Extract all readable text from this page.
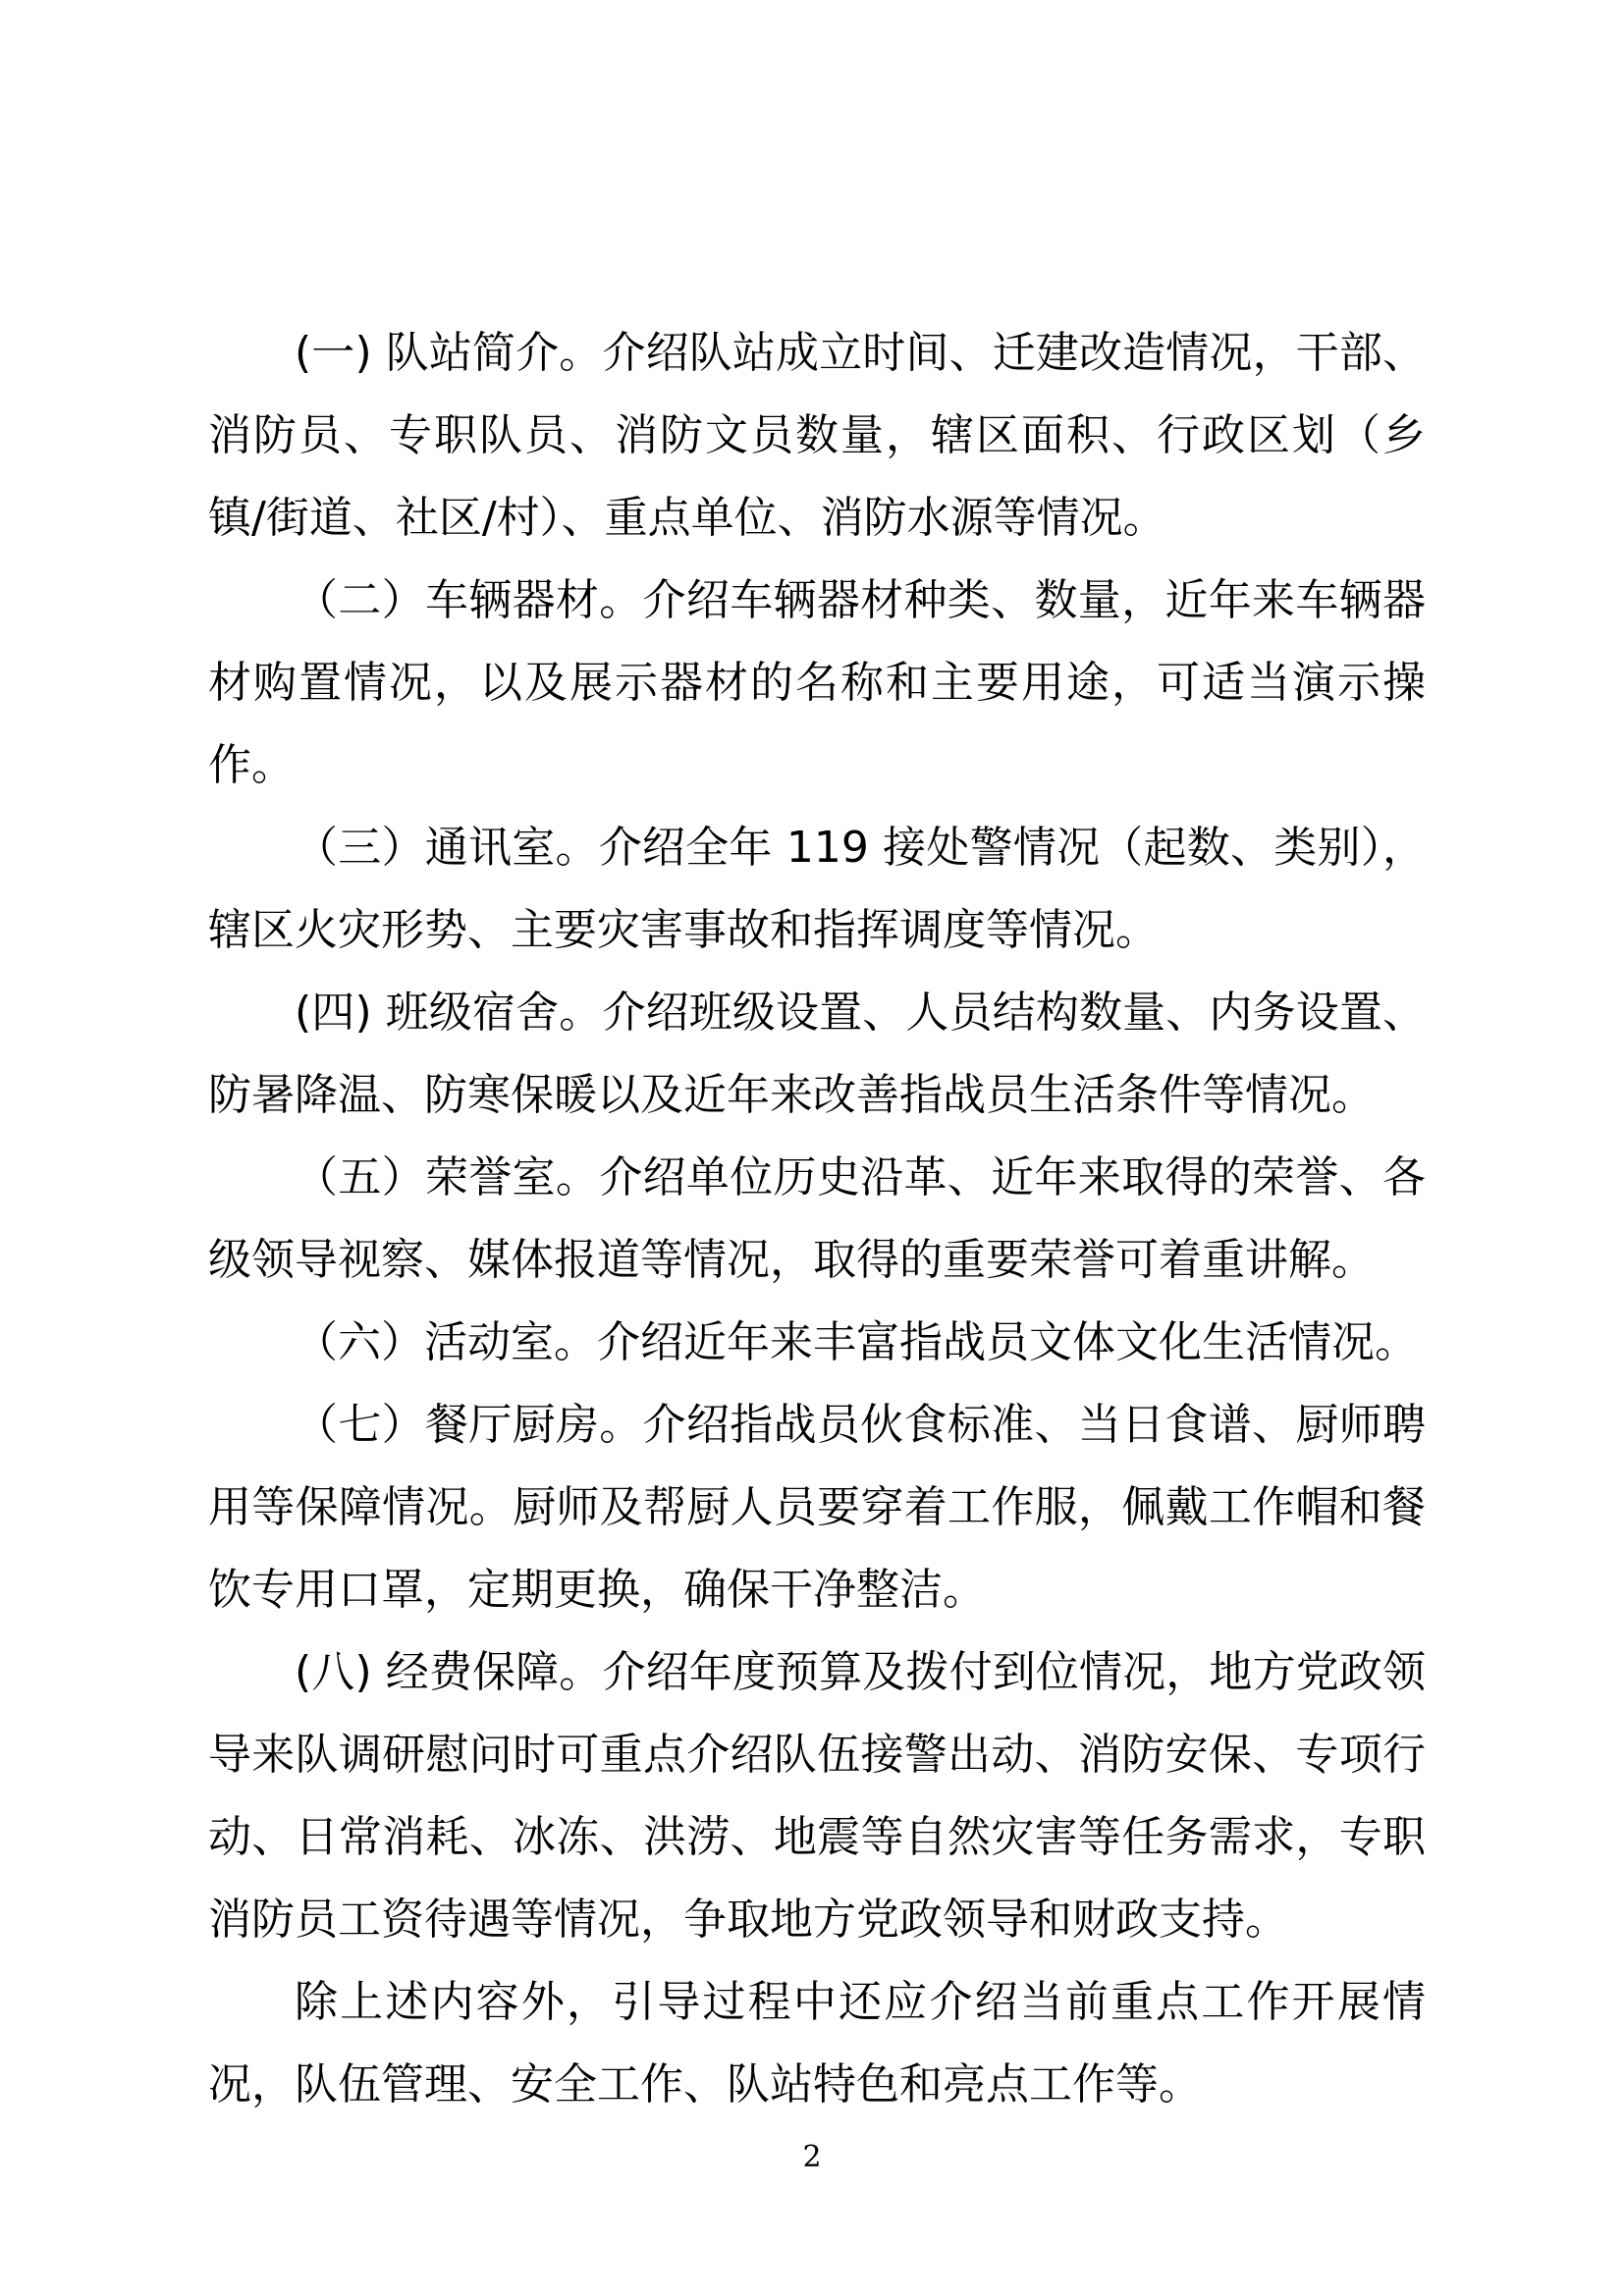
(一) 队站简介。介绍队站成立时间、迁建改造情况，干部、消防员、专职队员、消防文员数量，辖区面积、行政区划（乡镇/街道、社区/村）、重点单位、消防水源等情况。

（二）车辆器材。介绍车辆器材种类、数量，近年来车辆器材购置情况，以及展示器材的名称和主要用途，可适当演示操作。

（三）通讯室。介绍全年 119 接处警情况（起数、类别），辖区火灾形势、主要灾害事故和指挥调度等情况。

(四) 班级宿舍。介绍班级设置、人员结构数量、内务设置、防暑降温、防寒保暖以及近年来改善指战员生活条件等情况。

（五）荣誉室。介绍单位历史沿革、近年来取得的荣誉、各级领导视察、媒体报道等情况，取得的重要荣誉可着重讲解。

（六）活动室。介绍近年来丰富指战员文体文化生活情况。

（七）餐厅厨房。介绍指战员伙食标准、当日食谱、厨师聘用等保障情况。厨师及帮厨人员要穿着工作服，佩戴工作帽和餐饮专用口罩，定期更换，确保干净整洁。

(八) 经费保障。介绍年度预算及拨付到位情况，地方党政领导来队调研慰问时可重点介绍队伍接警出动、消防安保、专项行动、日常消耗、冰冻、洪涝、地震等自然灾害等任务需求，专职消防员工资待遇等情况，争取地方党政领导和财政支持。

除上述内容外，引导过程中还应介绍当前重点工作开展情况，队伍管理、安全工作、队站特色和亮点工作等。

2
